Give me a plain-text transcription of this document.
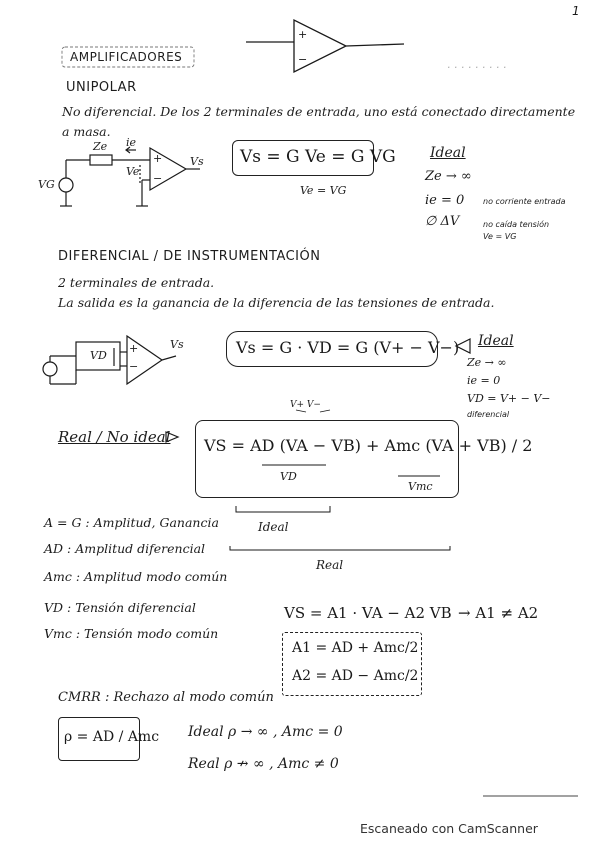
+
−
1
AMPLIFICADORES
. . . . . . . . .
UNIPOLAR
No diferencial. De los 2 terminales de entrada, uno está conectado directamente
a masa.
Ze ie
Ve
VG
Vs
+
−
Vs = G Ve = G VG
Ve = VG
Ideal
Ze → ∞
ie = 0 no corriente entrada
∅ ΔV	no caída tensión
Ve = VG
DIFERENCIAL / DE INSTRUMENTACIÓN
2 terminales de entrada.
La salida es la ganancia de la diferencia de las tensiones de entrada.
VD
Vs
+
−
Vs = G · VD = G (V+ − V−) Ideal
Ze → ∞
ie = 0
VD = V+ − V−
diferencial
V+ V−
Real / No ideal VS = AD (VA − VB) + Amc (VA + VB) / 2
VD
Vmc
Ideal
Real
A = G : Amplitud, Ganancia
AD : Amplitud diferencial
Amc : Amplitud modo común
VD : Tensión diferencial
Vmc : Tensión modo común
VS = A1 · VA − A2 VB → A1 ≠ A2
A1 = AD + Amc/2
A2 = AD − Amc/2
CMRR : Rechazo al modo común
ρ = AD / Amc Ideal ρ → ∞ , Amc = 0
Real ρ ↛ ∞ , Amc ≠ 0
Escaneado con CamScanner
